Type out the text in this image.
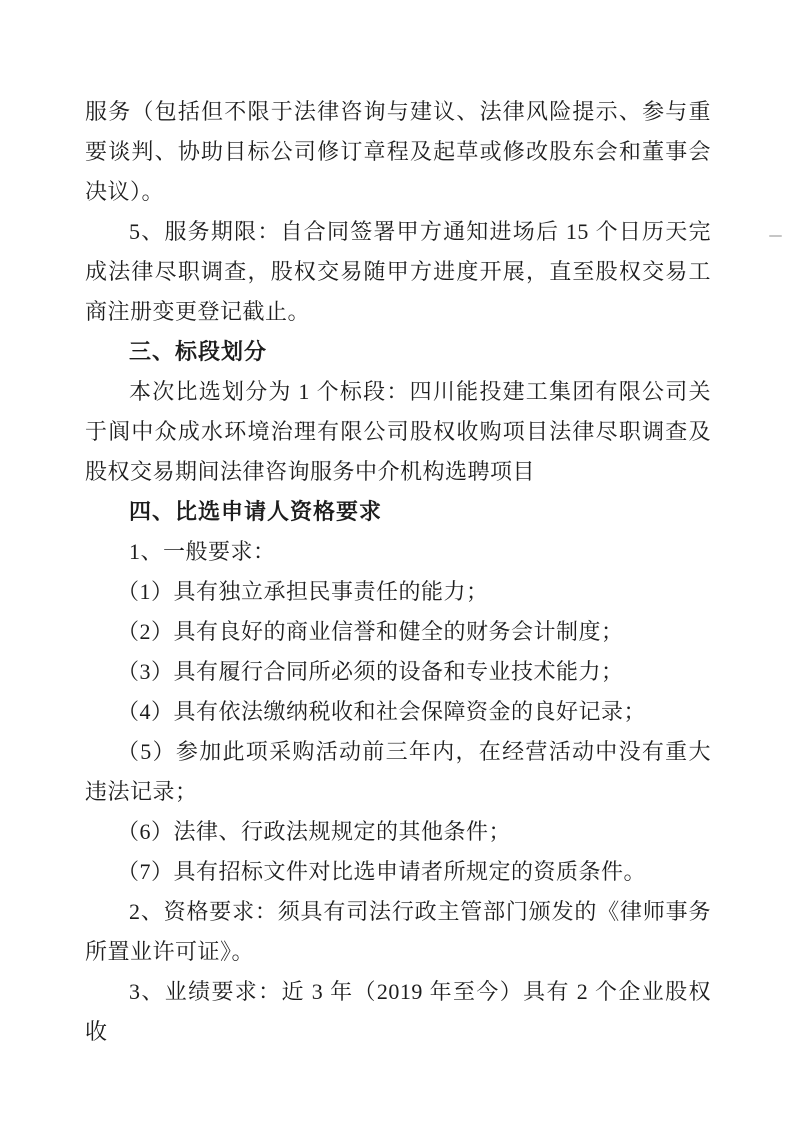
服务（包括但不限于法律咨询与建议、法律风险提示、参与重要谈判、协助目标公司修订章程及起草或修改股东会和董事会决议）。

5、服务期限：自合同签署甲方通知进场后 15 个日历天完成法律尽职调查，股权交易随甲方进度开展，直至股权交易工商注册变更登记截止。

三、标段划分

本次比选划分为 1 个标段：四川能投建工集团有限公司关于阆中众成水环境治理有限公司股权收购项目法律尽职调查及股权交易期间法律咨询服务中介机构选聘项目

四、比选申请人资格要求

1、一般要求：

（1）具有独立承担民事责任的能力；

（2）具有良好的商业信誉和健全的财务会计制度；

（3）具有履行合同所必须的设备和专业技术能力；

（4）具有依法缴纳税收和社会保障资金的良好记录；

（5）参加此项采购活动前三年内，在经营活动中没有重大违法记录；

（6）法律、行政法规规定的其他条件；

（7）具有招标文件对比选申请者所规定的资质条件。

2、资格要求：须具有司法行政主管部门颁发的《律师事务所置业许可证》。

3、业绩要求：近 3 年（2019 年至今）具有 2 个企业股权收
